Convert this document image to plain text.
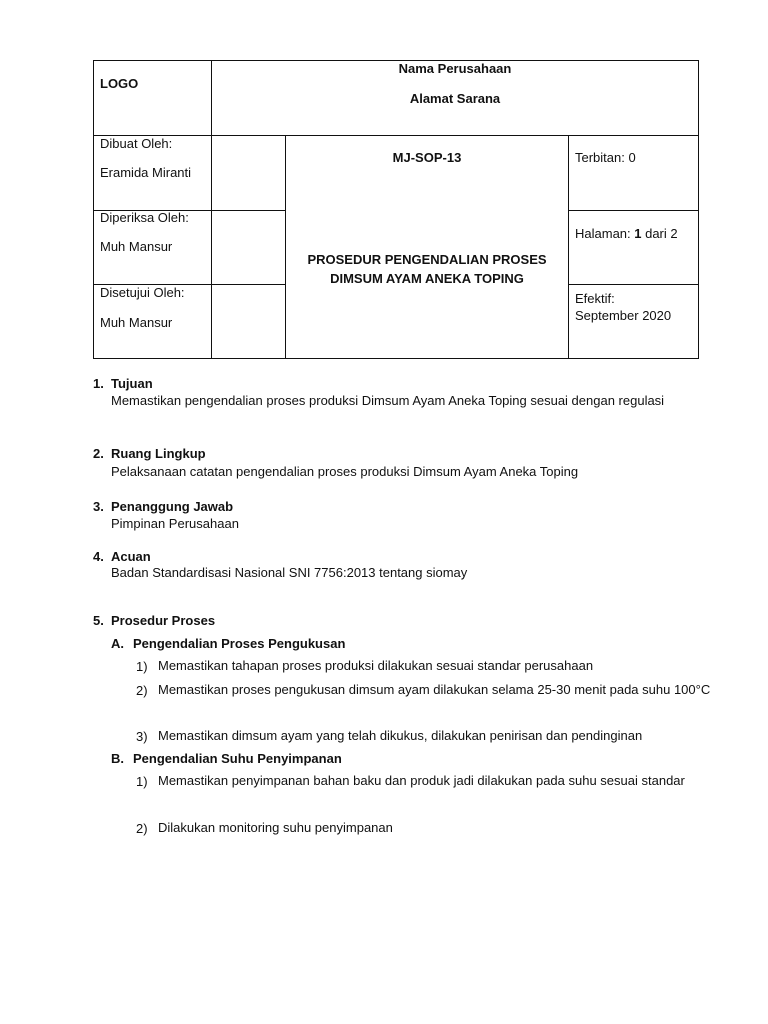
LOGO
Nama Perusahaan
Alamat Sarana
Dibuat Oleh:
Eramida Miranti
Diperiksa Oleh:
Muh Mansur
Disetujui Oleh:
Muh Mansur
MJ-SOP-13
PROSEDUR PENGENDALIAN PROSES
DIMSUM AYAM ANEKA TOPING
Terbitan: 0
Halaman: 1 dari 2
Efektif:
September 2020
1. Tujuan
Memastikan pengendalian proses produksi Dimsum Ayam Aneka Toping sesuai dengan regulasi
2. Ruang Lingkup
Pelaksanaan catatan pengendalian proses produksi Dimsum Ayam Aneka Toping
3. Penanggung Jawab
Pimpinan Perusahaan
4. Acuan
Badan Standardisasi Nasional SNI 7756:2013 tentang siomay
5. Prosedur Proses
A. Pengendalian Proses Pengukusan
1) Memastikan tahapan proses produksi dilakukan sesuai standar perusahaan
2) Memastikan proses pengukusan dimsum ayam dilakukan selama 25-30 menit pada suhu 100°C
3) Memastikan dimsum ayam yang telah dikukus, dilakukan penirisan dan pendinginan
B. Pengendalian Suhu Penyimpanan
1) Memastikan penyimpanan bahan baku dan produk jadi dilakukan pada suhu sesuai standar
2) Dilakukan monitoring suhu penyimpanan
